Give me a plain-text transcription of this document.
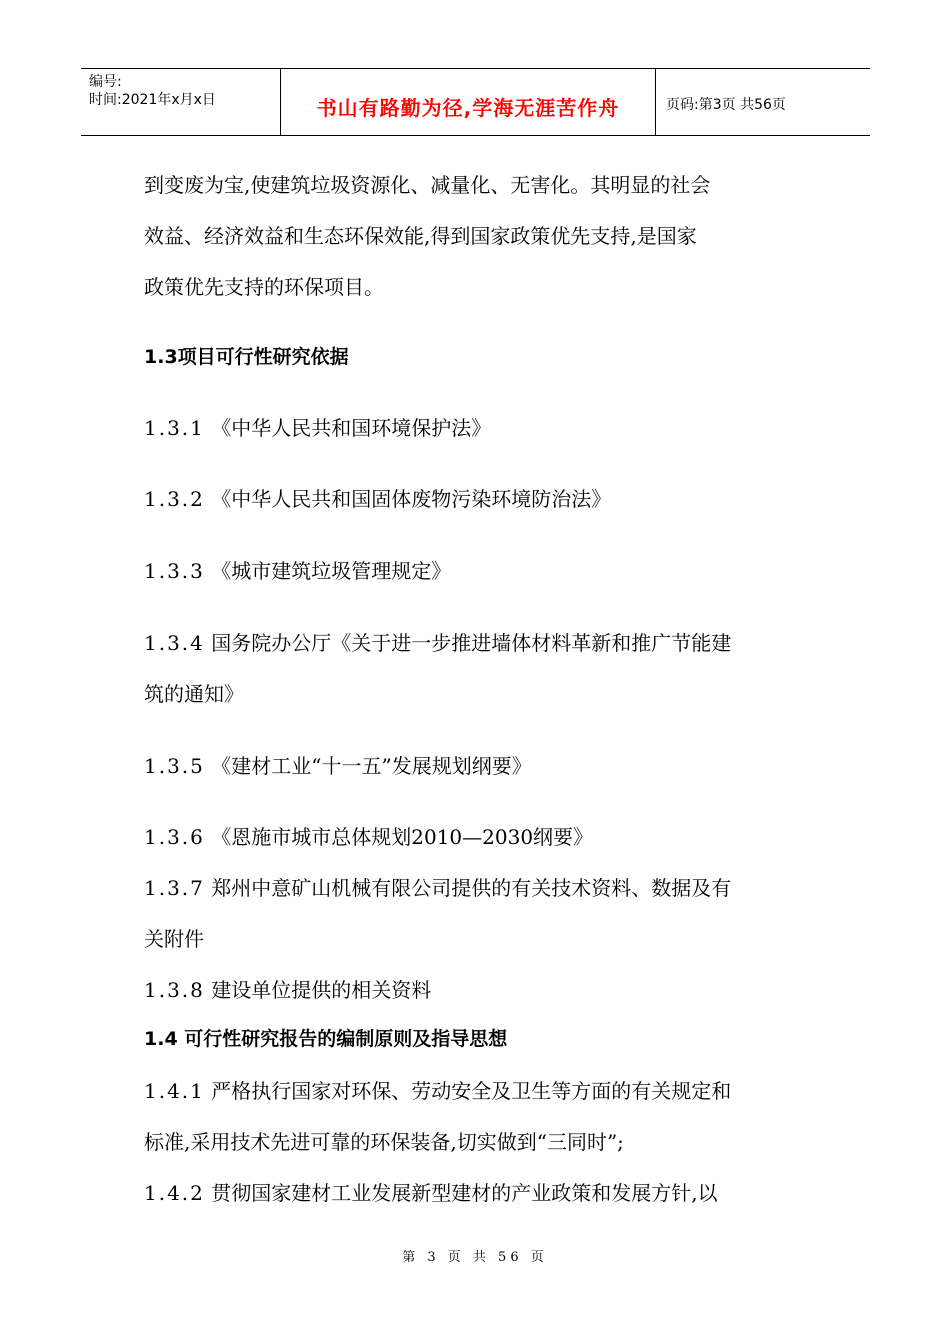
编号:
时间:2021年x月x日	书山有路勤为径,学海无涯苦作舟	页码:第3页 共56页
到变废为宝,使建筑垃圾资源化、减量化、无害化。其明显的社会
效益、经济效益和生态环保效能,得到国家政策优先支持,是国家
政策优先支持的环保项目。
1.3项目可行性研究依据
1.3.1 《中华人民共和国环境保护法》
1.3.2 《中华人民共和国固体废物污染环境防治法》
1.3.3 《城市建筑垃圾管理规定》
1.3.4 国务院办公厅《关于进一步推进墙体材料革新和推广节能建
筑的通知》
1.3.5 《建材工业“十一五”发展规划纲要》
1.3.6 《恩施市城市总体规划2010—2030纲要》
1.3.7 郑州中意矿山机械有限公司提供的有关技术资料、数据及有
关附件
1.3.8 建设单位提供的相关资料
1.4 可行性研究报告的编制原则及指导思想
1.4.1 严格执行国家对环保、劳动安全及卫生等方面的有关规定和
标准,采用技术先进可靠的环保装备,切实做到“三同时”;
1.4.2 贯彻国家建材工业发展新型建材的产业政策和发展方针,以
第 3 页 共 56 页
